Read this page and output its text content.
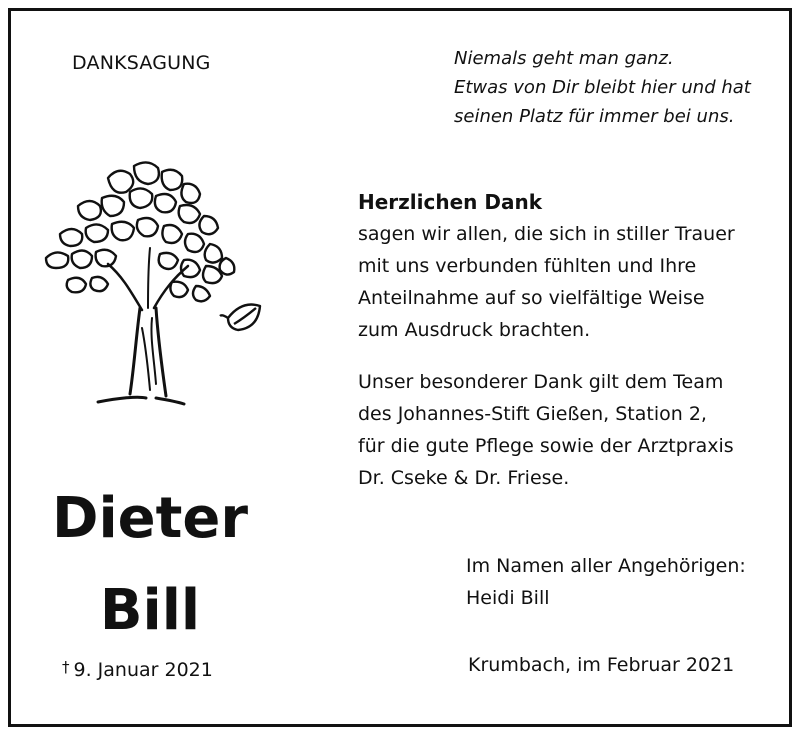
DANKSAGUNG	Niemals geht man ganz.
Etwas von Dir bleibt hier und hat
seinen Platz für immer bei uns.
Herzlichen Dank
sagen wir allen, die sich in stiller Trauer
mit uns verbunden fühlten und Ihre
Anteilnahme auf so vielfältige Weise
zum Ausdruck brachten.
Unser besonderer Dank gilt dem Team
des Johannes-Stift Gießen, Station 2,
für die gute Pflege sowie der Arztpraxis
Dr. Cseke & Dr. Friese.
Dieter
Bill
† 9. Januar 2021
Im Namen aller Angehörigen:
Heidi Bill
Krumbach, im Februar 2021
